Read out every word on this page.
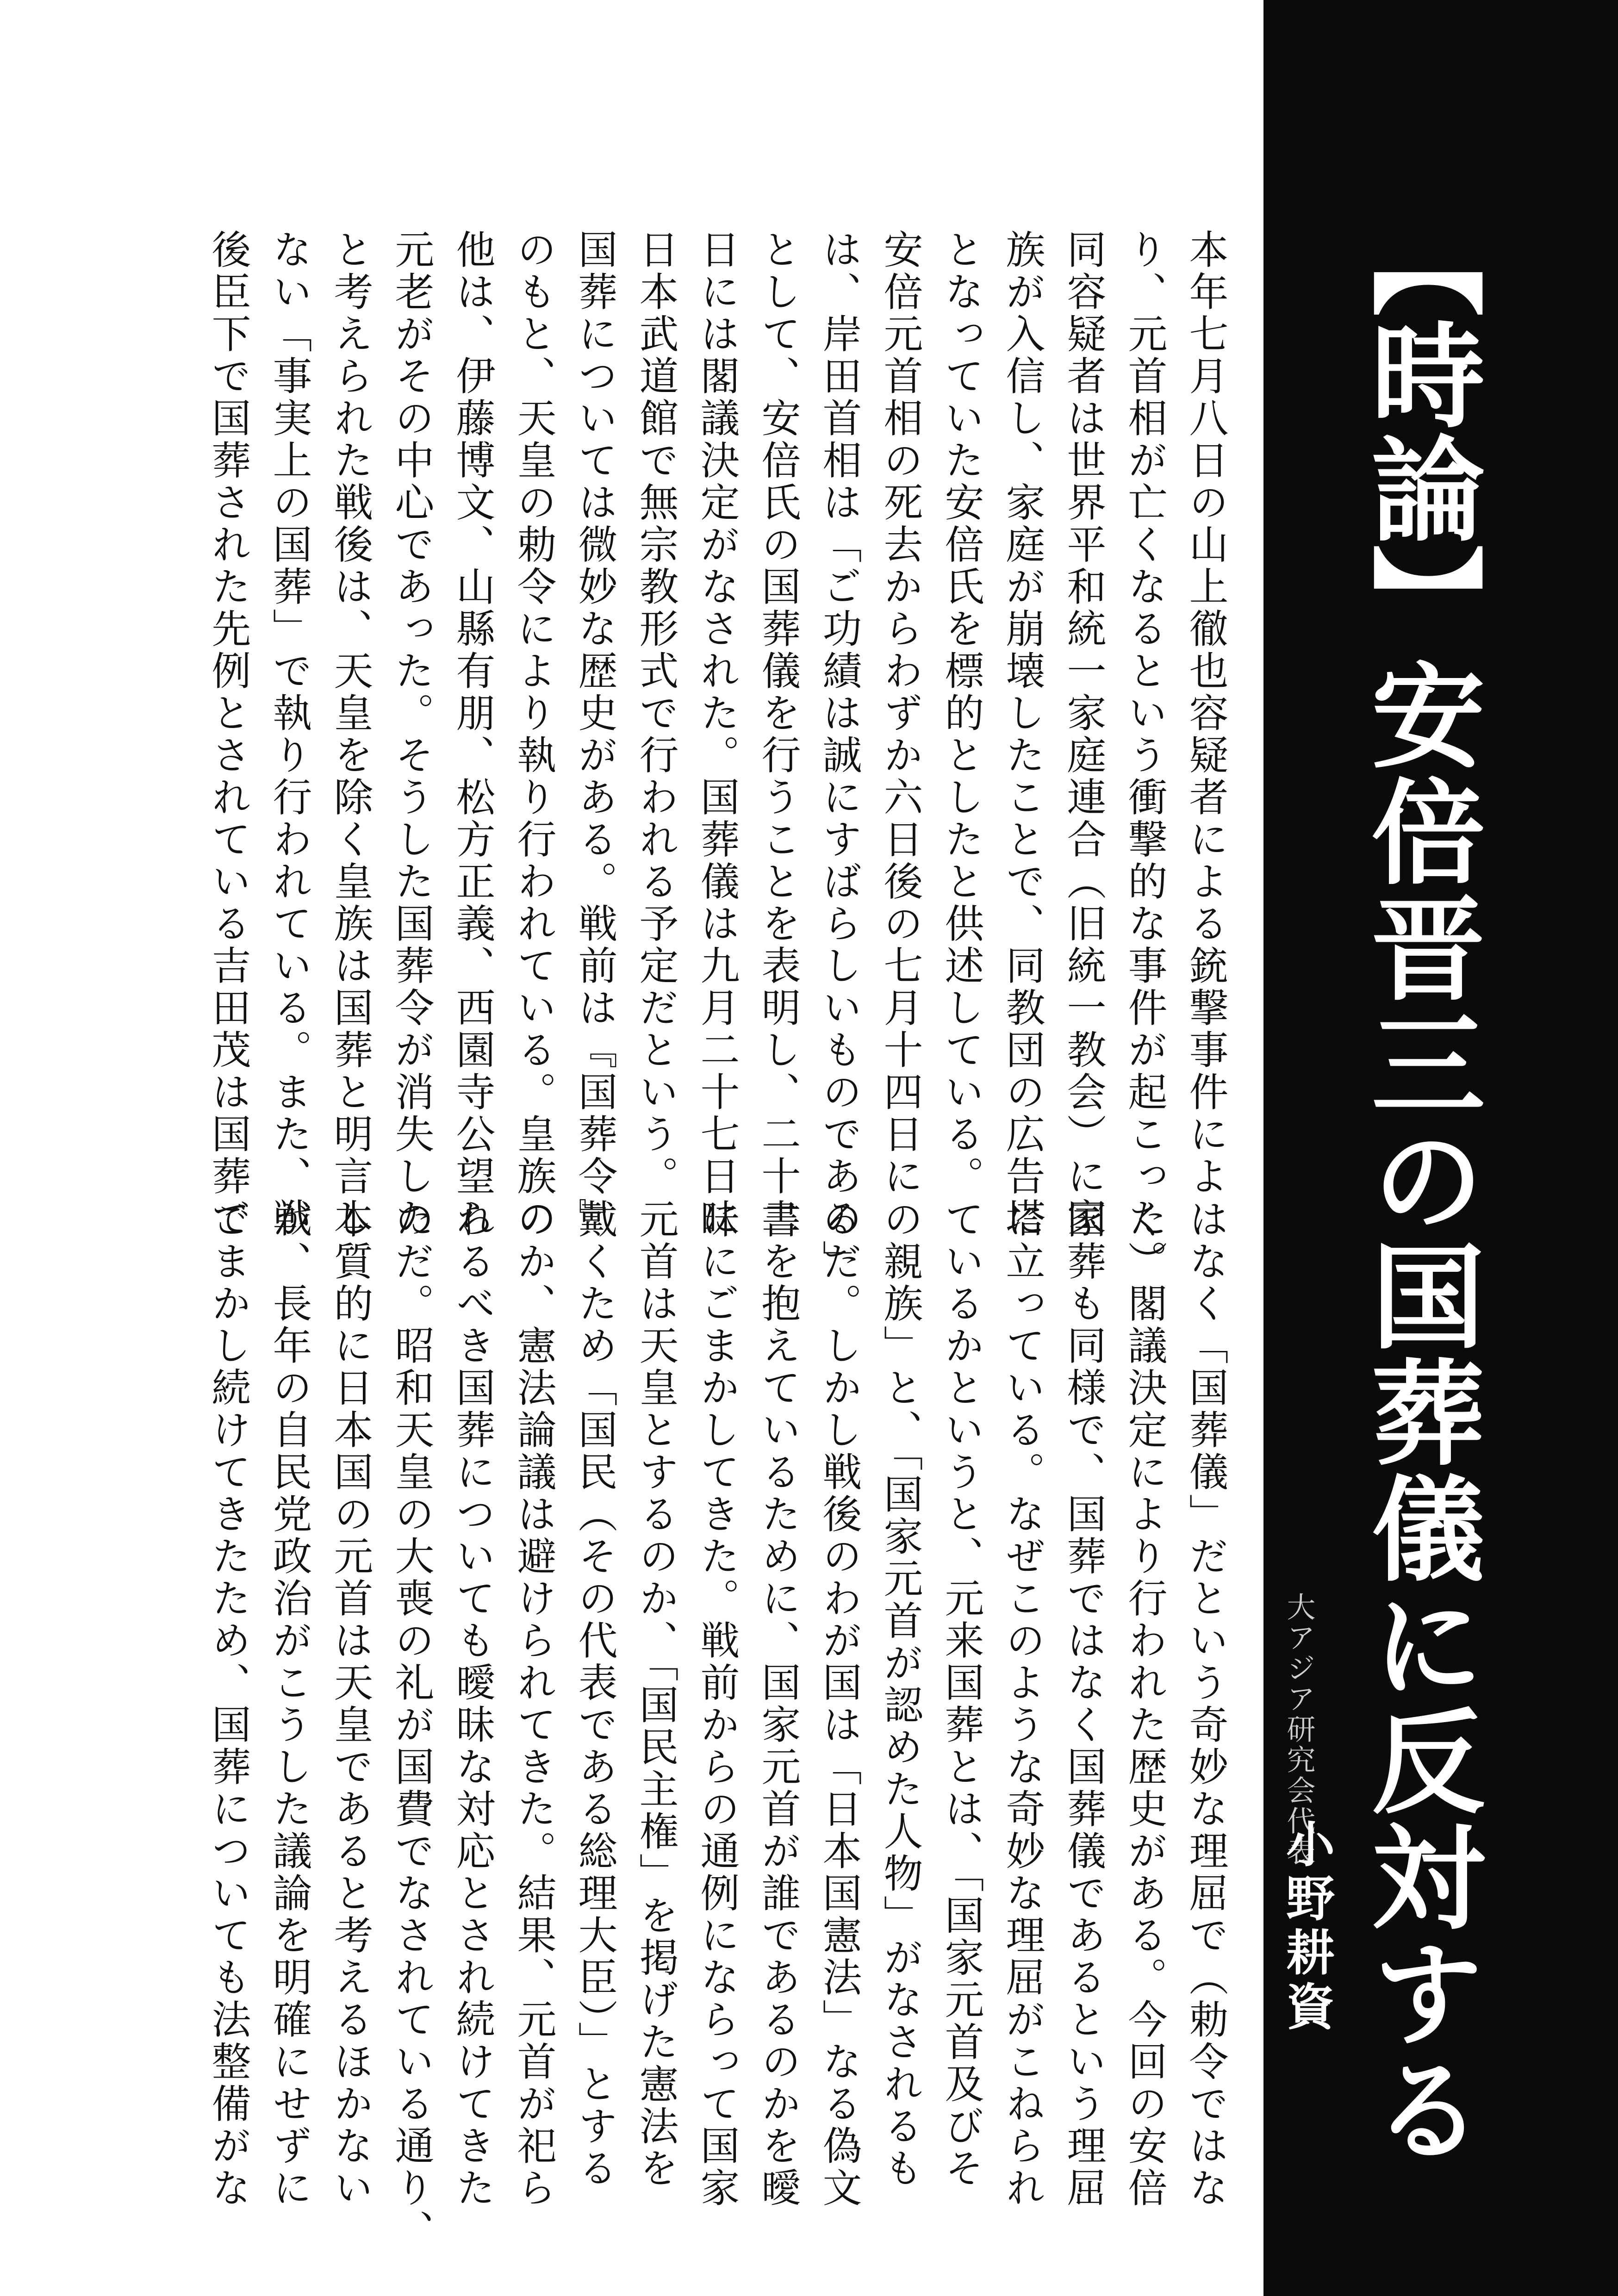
【時論】安倍晋三の国葬儀に反対する
大アジア研究会代表
小野耕資
本年七月八日の山上徹也容疑者による銃撃事件によ
り、元首相が亡くなるという衝撃的な事件が起こった。
同容疑者は世界平和統一家庭連合（旧統一教会）に家
族が入信し、家庭が崩壊したことで、同教団の広告塔
となっていた安倍氏を標的としたと供述している。
安倍元首相の死去からわずか六日後の七月十四日に
は、岸田首相は「ご功績は誠にすばらしいものである」
として、安倍氏の国葬儀を行うことを表明し、二十二
日には閣議決定がなされた。国葬儀は九月二十七日に
日本武道館で無宗教形式で行われる予定だという。
国葬については微妙な歴史がある。戦前は『国葬令』
のもと、天皇の勅令により執り行われている。皇族の
他は、伊藤博文、山縣有朋、松方正義、西園寺公望ら
元老がその中心であった。そうした国葬令が消失した
と考えられた戦後は、天皇を除く皇族は国葬と明言し
ない「事実上の国葬」で執り行われている。また、戦
後臣下で国葬された先例とされている吉田茂は国葬で
はなく「国葬儀」だという奇妙な理屈で（勅令ではな
く）閣議決定により行われた歴史がある。今回の安倍
国葬も同様で、国葬ではなく国葬儀であるという理屈
に立っている。なぜこのような奇妙な理屈がこねられ
ているかというと、元来国葬とは、「国家元首及びそ
の親族」と、「国家元首が認めた人物」がなされるも
のだ。しかし戦後のわが国は「日本国憲法」なる偽文
書を抱えているために、国家元首が誰であるのかを曖
昧にごまかしてきた。戦前からの通例にならって国家
元首は天皇とするのか、「国民主権」を掲げた憲法を
戴くため「国民（その代表である総理大臣）」とする
のか、憲法論議は避けられてきた。結果、元首が祀ら
れるべき国葬についても曖昧な対応とされ続けてきた
のだ。昭和天皇の大喪の礼が国費でなされている通り、
本質的に日本国の元首は天皇であると考えるほかない
が、長年の自民党政治がこうした議論を明確にせずに
ごまかし続けてきたため、国葬についても法整備がな
